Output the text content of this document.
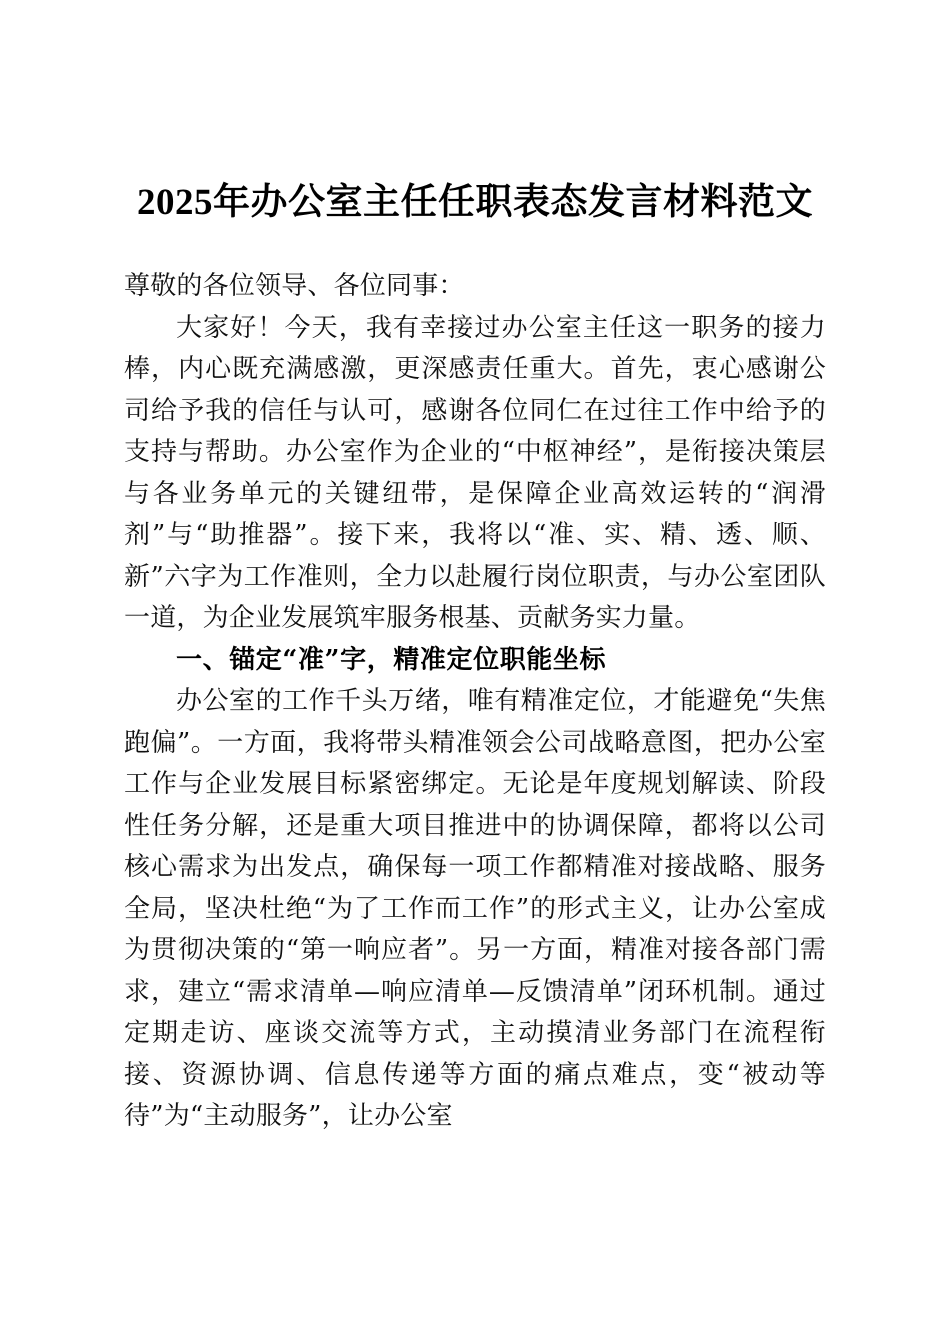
2025年办公室主任任职表态发言材料范文

尊敬的各位领导、各位同事：

大家好！今天，我有幸接过办公室主任这一职务的接力棒，内心既充满感激，更深感责任重大。首先，衷心感谢公司给予我的信任与认可，感谢各位同仁在过往工作中给予的支持与帮助。办公室作为企业的“中枢神经”，是衔接决策层与各业务单元的关键纽带，是保障企业高效运转的“润滑剂”与“助推器”。接下来，我将以“准、实、精、透、顺、新”六字为工作准则，全力以赴履行岗位职责，与办公室团队一道，为企业发展筑牢服务根基、贡献务实力量。

一、锚定“准”字，精准定位职能坐标

办公室的工作千头万绪，唯有精准定位，才能避免“失焦跑偏”。一方面，我将带头精准领会公司战略意图，把办公室工作与企业发展目标紧密绑定。无论是年度规划解读、阶段性任务分解，还是重大项目推进中的协调保障，都将以公司核心需求为出发点，确保每一项工作都精准对接战略、服务全局，坚决杜绝“为了工作而工作”的形式主义，让办公室成为贯彻决策的“第一响应者”。另一方面，精准对接各部门需求，建立“需求清单—响应清单—反馈清单”闭环机制。通过定期走访、座谈交流等方式，主动摸清业务部门在流程衔接、资源协调、信息传递等方面的痛点难点，变“被动等待”为“主动服务”，让办公室
